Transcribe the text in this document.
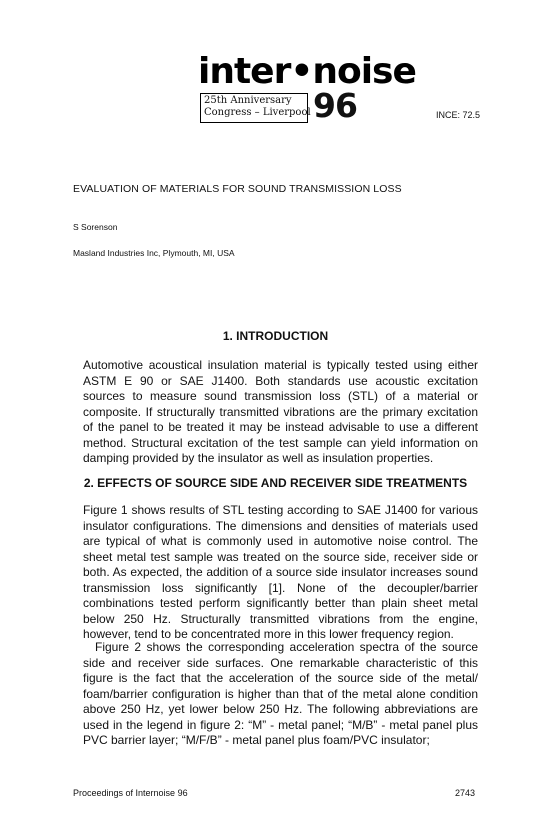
inter•noise
25th Anniversary
Congress – Liverpool 96	INCE: 72.5
EVALUATION OF MATERIALS FOR SOUND TRANSMISSION LOSS
S Sorenson
Masland Industries Inc, Plymouth, MI, USA
1. INTRODUCTION

Automotive acoustical insulation material is typically tested using either ASTM E 90 or SAE J1400. Both standards use acoustic excitation sources to measure sound transmission loss (STL) of a material or composite. If structurally transmitted vibrations are the primary excitation of the panel to be treated it may be instead advisable to use a different method. Structural excitation of the test sample can yield information on damping provided by the insulator as well as insulation properties.

2. EFFECTS OF SOURCE SIDE AND RECEIVER SIDE TREATMENTS

Figure 1 shows results of STL testing according to SAE J1400 for various insulator configurations. The dimensions and densities of materials used are typical of what is commonly used in automotive noise control. The sheet metal test sample was treated on the source side, receiver side or both. As expected, the addition of a source side insulator increases sound transmission loss significantly [1]. None of the decoupler/barrier combinations tested perform significantly better than plain sheet metal below 250 Hz. Structurally transmitted vibrations from the engine, however, tend to be concentrated more in this lower frequency region.

Figure 2 shows the corresponding acceleration spectra of the source side and receiver side surfaces. One remarkable characteristic of this figure is the fact that the acceleration of the source side of the metal/ foam/barrier configuration is higher than that of the metal alone condition above 250 Hz, yet lower below 250 Hz. The following abbreviations are used in the legend in figure 2: “M” - metal panel; “M/B” - metal panel plus PVC barrier layer; “M/F/B” - metal panel plus foam/PVC insulator;

Proceedings of Internoise 96	2743
